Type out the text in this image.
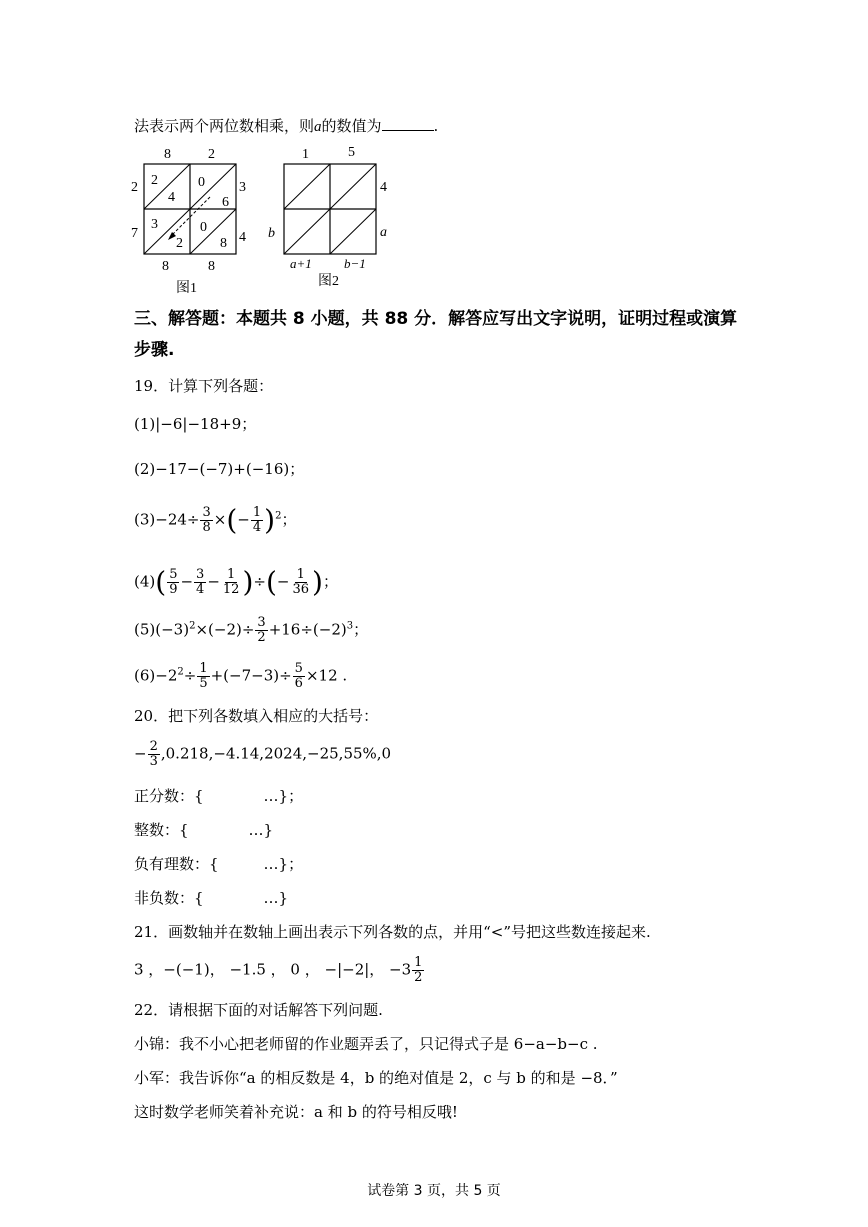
法表示两个两位数相乘，则a的数值为	.
8	2
2
7
3
4
8	8
2
4
0
6
3
2
0
8
图1
1	5
4
a
b
a+1 b−1
图2
三、解答题：本题共 8 小题，共 88 分．解答应写出文字说明，证明过程或演算
步骤.
19．计算下列各题：
(1)|−6|−18+9；
(2)−17−(−7)+(−16)；
$(3)-24\div \frac{3}{8}$ ×(− $\frac{1}{4} )^2$；
$(4)( \frac{5}{9} - \frac{3}{4} - \frac{1}{12}$ )÷(− $\frac{1}{36}$ )；
$(5)(-3)^2\times(-2)\div \frac{3}{2} +16\div(-2)^3$；
$(6)-2^2\div \frac{1}{5} +(-7-3)\div \frac{5}{6} \times 12$ .
20．把下列各数填入相应的大括号：
− $\frac{2}{3} ,0.218,-4.14,2024,-25,55\%,0$
正分数：{　　　　…}；
整数：{　　　　…}
负有理数：{　　　…}；
非负数：{　　　　…}
21．画数轴并在数轴上画出表示下列各数的点，并用“<”号把这些数连接起来.
3 ，−(−1)， −1.5 ， 0 ， −|−2|， $-3 \frac{1}{2}$
22．请根据下面的对话解答下列问题.
小锦：我不小心把老师留的作业题弄丢了，只记得式子是 6−a−b−c .
小军：我告诉你“a 的相反数是 4，b 的绝对值是 2，c 与 b 的和是 −8．”
这时数学老师笑着补充说：a 和 b 的符号相反哦!
试卷第 3 页，共 5 页
